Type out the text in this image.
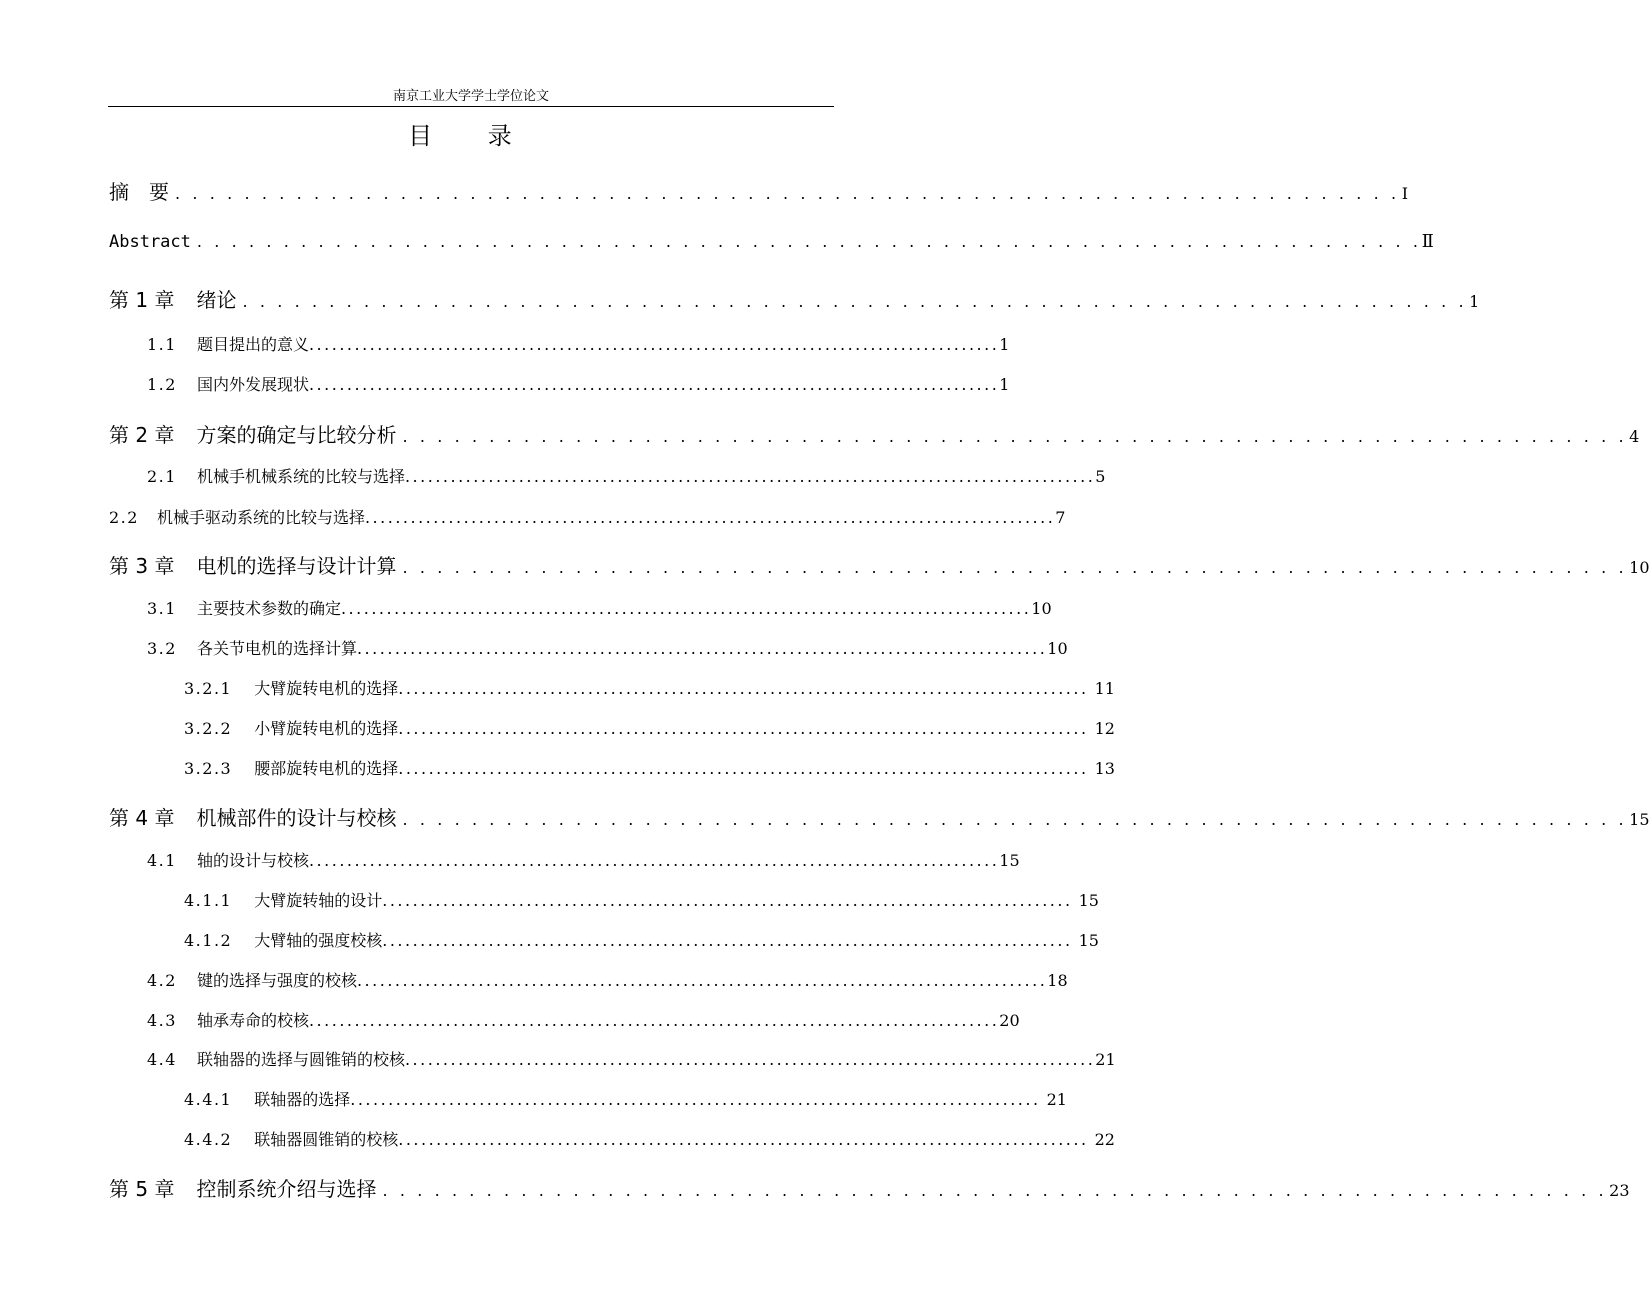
南京工业大学学士学位论文
目 录
摘　要 . . . . . . . . . . . . . . . . . . . . . . . . . . . . . . . . . . . . . . . . . . . . . . . . . . . . . . . . . . . . . . . . . . . . . . . Ⅰ
Abstract . . . . . . . . . . . . . . . . . . . . . . . . . . . . . . . . . . . . . . . . . . . . . . . . . . . . . . . . . . . . . . . . . . . . . . . Ⅱ
第 1 章 绪论 . . . . . . . . . . . . . . . . . . . . . . . . . . . . . . . . . . . . . . . . . . . . . . . . . . . . . . . . . . . . . . . . . . . . . . . 1
1.1 题目提出的意义 ........................................................................................... 1
1.2 国内外发展现状 ........................................................................................... 1
第 2 章 方案的确定与比较分析 . . . . . . . . . . . . . . . . . . . . . . . . . . . . . . . . . . . . . . . . . . . . . . . . . . . . . . . . . . . . . . . . . . . . . . . 4
2.1 机械手机械系统的比较与选择 ........................................................................................... 5
2.2 机械手驱动系统的比较与选择 ........................................................................................... 7
第 3 章 电机的选择与设计计算 . . . . . . . . . . . . . . . . . . . . . . . . . . . . . . . . . . . . . . . . . . . . . . . . . . . . . . . . . . . . . . . . . . . . . . . 10
3.1 主要技术参数的确定 ........................................................................................... 10
3.2 各关节电机的选择计算 ........................................................................................... 10
3.2.1 大臂旋转电机的选择 ........................................................................................... 11
3.2.2 小臂旋转电机的选择 ........................................................................................... 12
3.2.3 腰部旋转电机的选择 ........................................................................................... 13
第 4 章 机械部件的设计与校核 . . . . . . . . . . . . . . . . . . . . . . . . . . . . . . . . . . . . . . . . . . . . . . . . . . . . . . . . . . . . . . . . . . . . . . . 15
4.1 轴的设计与校核 ........................................................................................... 15
4.1.1 大臂旋转轴的设计 ........................................................................................... 15
4.1.2 大臂轴的强度校核 ........................................................................................... 15
4.2 键的选择与强度的校核 ........................................................................................... 18
4.3 轴承寿命的校核 ........................................................................................... 20
4.4 联轴器的选择与圆锥销的校核 ........................................................................................... 21
4.4.1 联轴器的选择 ........................................................................................... 21
4.4.2 联轴器圆锥销的校核 ........................................................................................... 22
第 5 章 控制系统介绍与选择 . . . . . . . . . . . . . . . . . . . . . . . . . . . . . . . . . . . . . . . . . . . . . . . . . . . . . . . . . . . . . . . . . . . . . . . 23
